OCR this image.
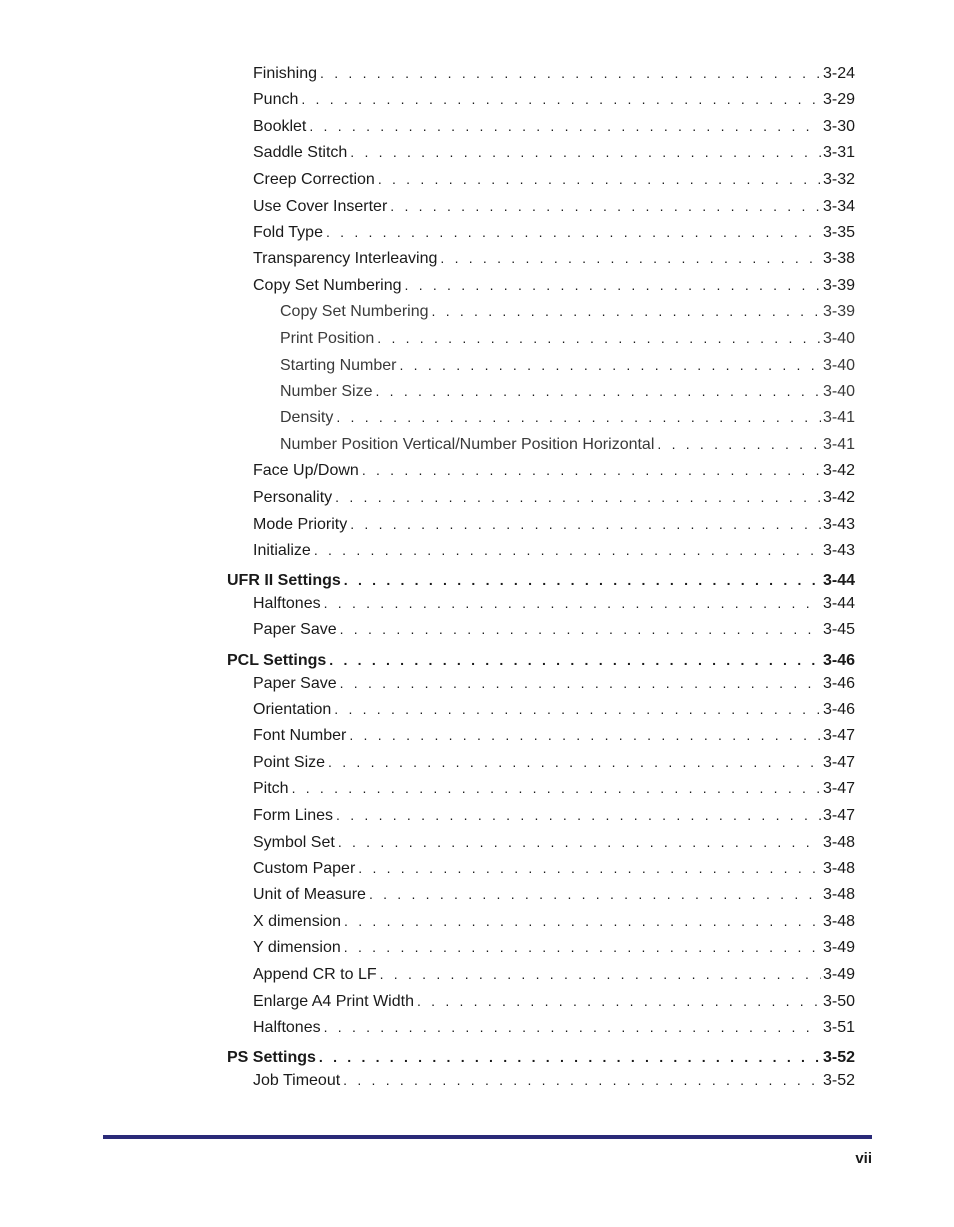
Finishing . . .	3-24
Punch . . .	3-29
Booklet . . .	3-30
Saddle Stitch . . .	3-31
Creep Correction . . .	3-32
Use Cover Inserter . . .	3-34
Fold Type . . .	3-35
Transparency Interleaving . . .	3-38
Copy Set Numbering . . .	3-39
Copy Set Numbering . . .	3-39
Print Position . . .	3-40
Starting Number . . .	3-40
Number Size . . .	3-40
Density . . .	3-41
Number Position Vertical/Number Position Horizontal . . .	3-41
Face Up/Down . . .	3-42
Personality . . .	3-42
Mode Priority . . .	3-43
Initialize . . .	3-43
UFR II Settings . . .	3-44
Halftones . . .	3-44
Paper Save . . .	3-45
PCL Settings . . .	3-46
Paper Save . . .	3-46
Orientation . . .	3-46
Font Number . . .	3-47
Point Size . . .	3-47
Pitch . . .	3-47
Form Lines . . .	3-47
Symbol Set . . .	3-48
Custom Paper . . .	3-48
Unit of Measure . . .	3-48
X dimension . . .	3-48
Y dimension . . .	3-49
Append CR to LF . . .	3-49
Enlarge A4 Print Width . . .	3-50
Halftones . . .	3-51
PS Settings . . .	3-52
Job Timeout . . .	3-52
vii
